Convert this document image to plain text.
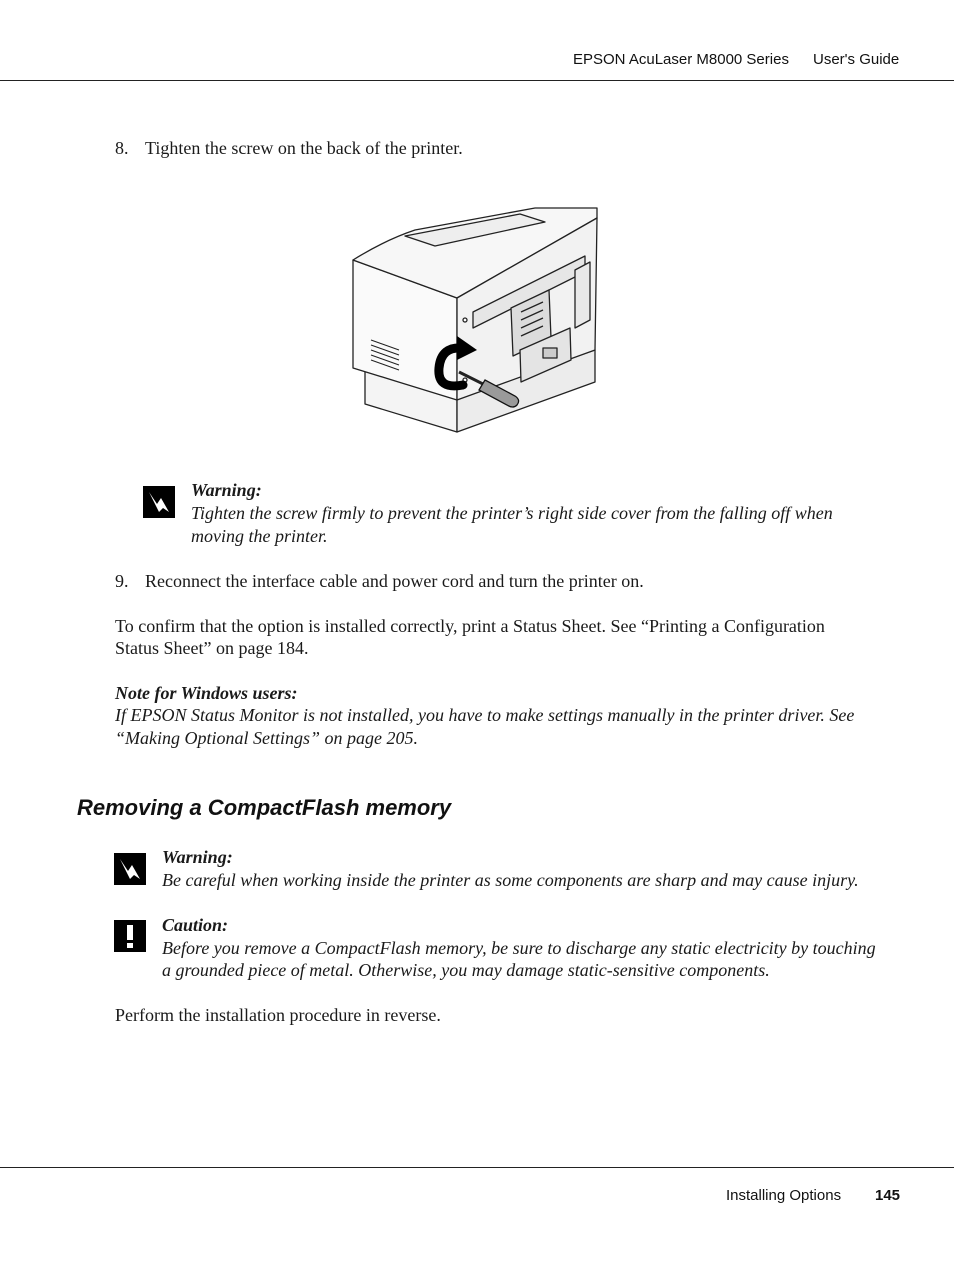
EPSON AcuLaser M8000 Series User's Guide
8. Tighten the screw on the back of the printer.
Warning:
Tighten the screw firmly to prevent the printer’s right side cover from the falling off when
moving the printer.
9. Reconnect the interface cable and power cord and turn the printer on.
To confirm that the option is installed correctly, print a Status Sheet. See “Printing a Configuration
Status Sheet” on page 184.
Note for Windows users:
If EPSON Status Monitor is not installed, you have to make settings manually in the printer driver. See
“Making Optional Settings” on page 205.
Removing a CompactFlash memory
Warning:
Be careful when working inside the printer as some components are sharp and may cause injury.
Caution:
Before you remove a CompactFlash memory, be sure to discharge any static electricity by touching
a grounded piece of metal. Otherwise, you may damage static-sensitive components.
Perform the installation procedure in reverse.
Installing Options 145
